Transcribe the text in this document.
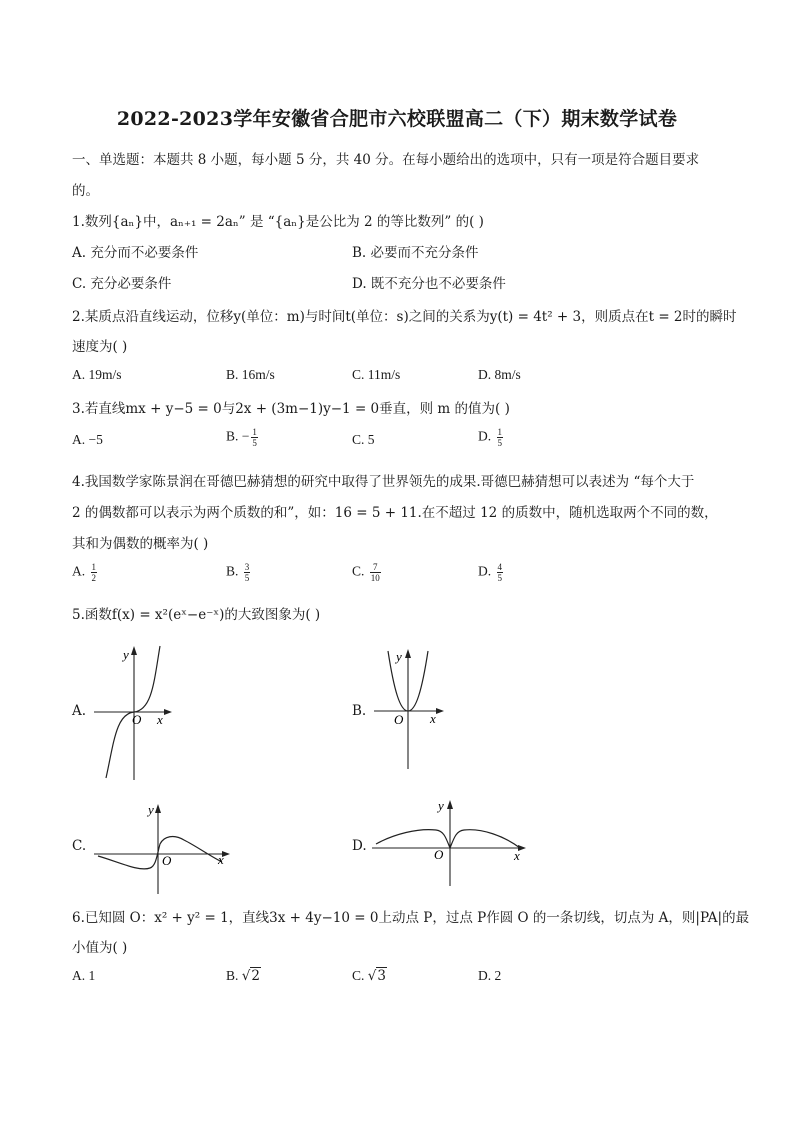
2022-2023学年安徽省合肥市六校联盟高二（下）期末数学试卷
一、单选题：本题共 8 小题，每小题 5 分，共 40 分。在每小题给出的选项中，只有一项是符合题目要求
的。
1.数列{aₙ}中，aₙ₊₁ = 2aₙ” 是 “{aₙ}是公比为 2 的等比数列” 的( )
A. 充分而不必要条件	B. 必要而不充分条件
C. 充分必要条件	D. 既不充分也不必要条件
2.某质点沿直线运动，位移y(单位：m)与时间t(单位：s)之间的关系为y(t) = 4t² + 3，则质点在t = 2时的瞬时
速度为( )
A. 19m/s	B. 16m/s	C. 11m/s	D. 8m/s
3.若直线mx + y−5 = 0与2x + (3m−1)y−1 = 0垂直，则 m 的值为( )
A. −5	B. − $\frac{1}{5}$	C. 5	D. $\frac{1}{5}$
4.我国数学家陈景润在哥德巴赫猜想的研究中取得了世界领先的成果.哥德巴赫猜想可以表述为 “每个大于
2 的偶数都可以表示为两个质数的和”，如：16 = 5 + 11.在不超过 12 的质数中，随机选取两个不同的数，
其和为偶数的概率为( )
A. $\frac{1}{2}$	B. $\frac{3}{5}$	C. $\frac{7}{10}$	D. $\frac{4}{5}$
5.函数f(x) = x²(eˣ−e⁻ˣ)的大致图象为( )
A.
y
O x
B.
y
O x
C.
y
O	x
D.
y
O	x
6.已知圆 O：x² + y² = 1，直线3x + 4y−10 = 0上动点 P，过点 P作圆 O 的一条切线，切点为 A，则|PA|的最
小值为( )
A. 1	B. √2	C. √3	D. 2
